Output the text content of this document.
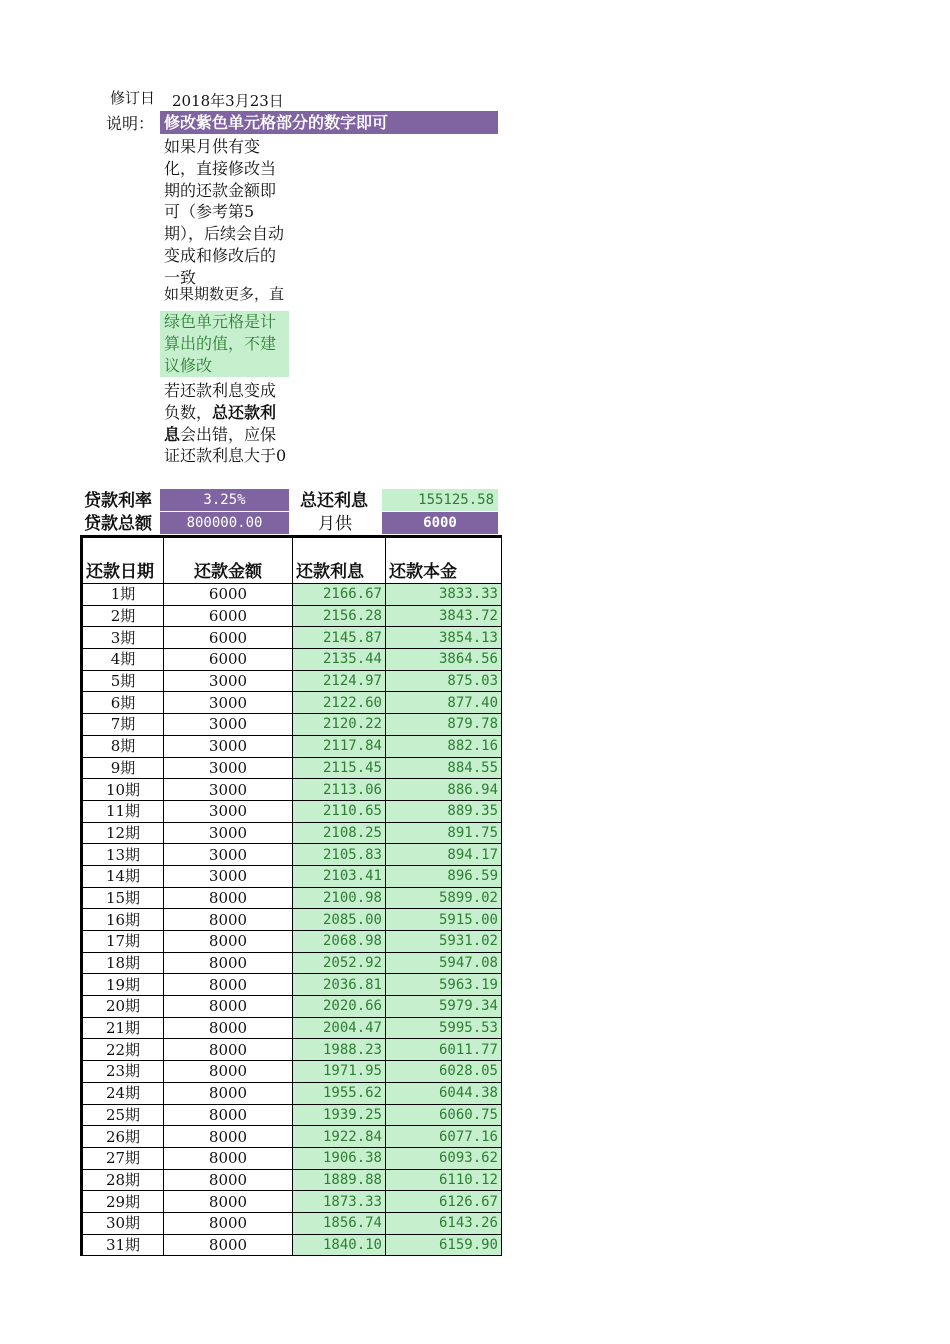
修订日 2018年3月23日
说明： 修改紫色单元格部分的数字即可
如果月供有变化，直接修改当期的还款金额即可（参考第5期），后续会自动变成和修改后的一致
如果期数更多，直
绿色单元格是计算出的值，不建议修改
若还款利息变成负数，总还款利息会出错，应保证还款利息大于0
贷款利率	3.25%	总还利息	155125.58
贷款总额	800000.00	月供	6000
还款日期	还款金额	还款利息	还款本金
1期	6000	2166.67	3833.33
2期	6000	2156.28	3843.72
3期	6000	2145.87	3854.13
4期	6000	2135.44	3864.56
5期	3000	2124.97	875.03
6期	3000	2122.60	877.40
7期	3000	2120.22	879.78
8期	3000	2117.84	882.16
9期	3000	2115.45	884.55
10期	3000	2113.06	886.94
11期	3000	2110.65	889.35
12期	3000	2108.25	891.75
13期	3000	2105.83	894.17
14期	3000	2103.41	896.59
15期	8000	2100.98	5899.02
16期	8000	2085.00	5915.00
17期	8000	2068.98	5931.02
18期	8000	2052.92	5947.08
19期	8000	2036.81	5963.19
20期	8000	2020.66	5979.34
21期	8000	2004.47	5995.53
22期	8000	1988.23	6011.77
23期	8000	1971.95	6028.05
24期	8000	1955.62	6044.38
25期	8000	1939.25	6060.75
26期	8000	1922.84	6077.16
27期	8000	1906.38	6093.62
28期	8000	1889.88	6110.12
29期	8000	1873.33	6126.67
30期	8000	1856.74	6143.26
31期	8000	1840.10	6159.90
